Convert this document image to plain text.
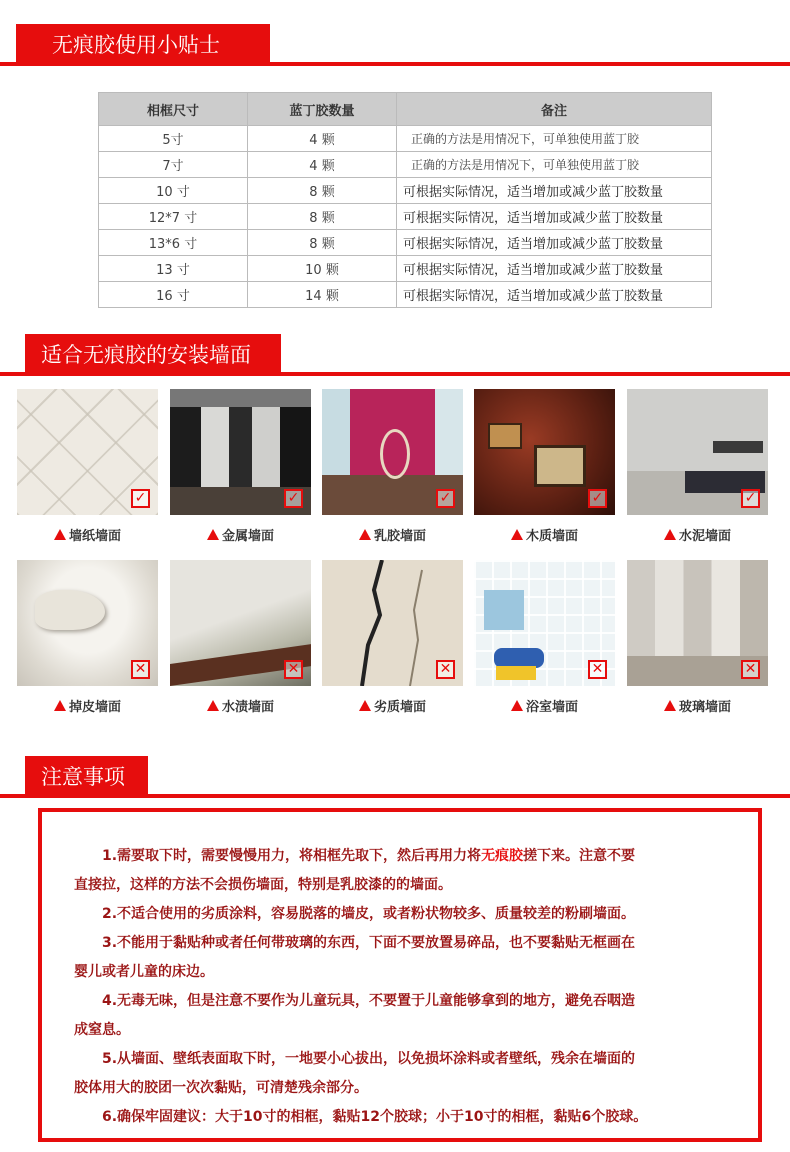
无痕胶使用小贴士
相框尺寸	蓝丁胶数量	备注
5寸	4 颗	正确的方法是用情况下，可单独使用蓝丁胶
7寸	4 颗	正确的方法是用情况下，可单独使用蓝丁胶
10 寸	8 颗	可根据实际情况，适当增加或减少蓝丁胶数量
12*7 寸	8 颗	可根据实际情况，适当增加或减少蓝丁胶数量
13*6 寸	8 颗	可根据实际情况，适当增加或减少蓝丁胶数量
13 寸	10 颗	可根据实际情况，适当增加或减少蓝丁胶数量
16 寸	14 颗	可根据实际情况，适当增加或减少蓝丁胶数量
适合无痕胶的安装墙面
✓
墙纸墙面
✓
金属墙面
✓
乳胶墙面
✓
木质墙面
✓
水泥墙面
✕
掉皮墙面
✕
水渍墙面
✕
劣质墙面
✕
浴室墙面
✕
玻璃墙面
注意事项

1.需要取下时，需要慢慢用力，将相框先取下，然后再用力将无痕胶搓下来。注意不要

直接拉，这样的方法不会损伤墙面，特别是乳胶漆的的墙面。

2.不适合使用的劣质涂料，容易脱落的墙皮，或者粉状物较多、质量较差的粉刷墙面。

3.不能用于黏贴种或者任何带玻璃的东西，下面不要放置易碎品，也不要黏贴无框画在

婴儿或者儿童的床边。

4.无毒无味，但是注意不要作为儿童玩具，不要置于儿童能够拿到的地方，避免吞咽造

成窒息。

5.从墙面、壁纸表面取下时，一地要小心拔出，以免损坏涂料或者壁纸，残余在墙面的

胶体用大的胶团一次次黏贴，可清楚残余部分。

6.确保牢固建议：大于10寸的相框，黏贴12个胶球；小于10寸的相框，黏贴6个胶球。
